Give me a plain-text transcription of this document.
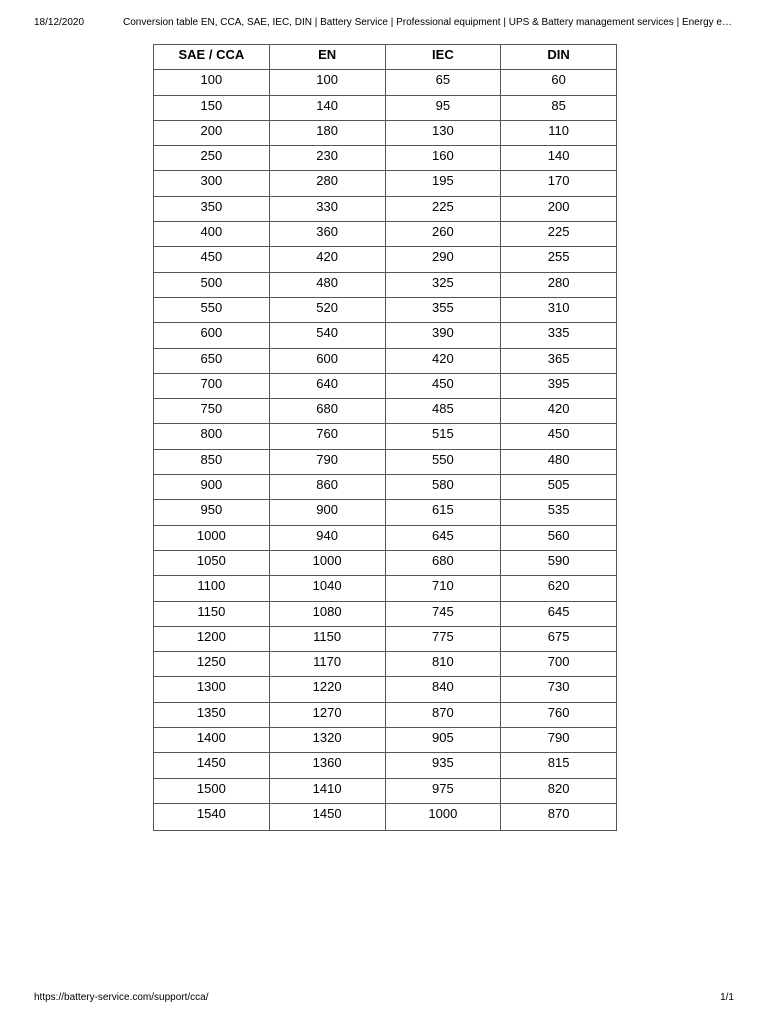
18/12/2020	Conversion table EN, CCA, SAE, IEC, DIN | Battery Service | Professional equipment | UPS & Battery management services | Energy e…
SAE / CCA	EN	IEC	DIN
100	100	65	60
150	140	95	85
200	180	130	110
250	230	160	140
300	280	195	170
350	330	225	200
400	360	260	225
450	420	290	255
500	480	325	280
550	520	355	310
600	540	390	335
650	600	420	365
700	640	450	395
750	680	485	420
800	760	515	450
850	790	550	480
900	860	580	505
950	900	615	535
1000	940	645	560
1050	1000	680	590
1100	1040	710	620
1150	1080	745	645
1200	1150	775	675
1250	1170	810	700
1300	1220	840	730
1350	1270	870	760
1400	1320	905	790
1450	1360	935	815
1500	1410	975	820
1540	1450	1000	870
https://battery-service.com/support/cca/	1/1
